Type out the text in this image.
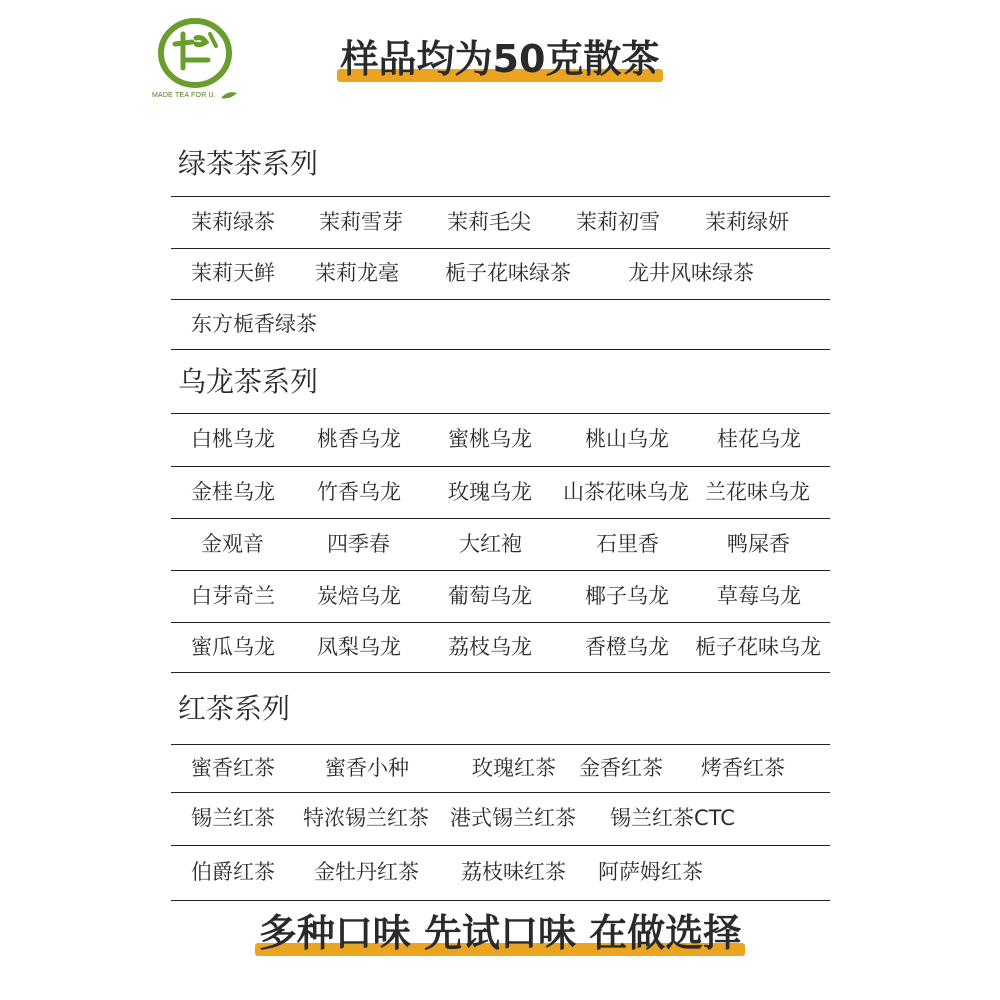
MADE TEA FOR U.
样品均为50克散茶
绿茶茶系列
茉莉绿茶 茉莉雪芽 茉莉毛尖 茉莉初雪 茉莉绿妍
茉莉天鲜 茉莉龙毫 栀子花味绿茶	龙井风味绿茶
东方栀香绿茶
乌龙茶系列
白桃乌龙 桃香乌龙 蜜桃乌龙	桃山乌龙 桂花乌龙
金桂乌龙 竹香乌龙 玫瑰乌龙 山茶花味乌龙 兰花味乌龙
金观音	四季春	大红袍	石里香	鸭屎香
白芽奇兰 炭焙乌龙 葡萄乌龙	椰子乌龙 草莓乌龙
蜜瓜乌龙 凤梨乌龙 荔枝乌龙	香橙乌龙 栀子花味乌龙
红茶系列
蜜香红茶 蜜香小种	玫瑰红茶 金香红茶 烤香红茶
锡兰红茶 特浓锡兰红茶 港式锡兰红茶 锡兰红茶CTC
伯爵红茶 金牡丹红茶 荔枝味红茶 阿萨姆红茶
多种口味 先试口味 在做选择
